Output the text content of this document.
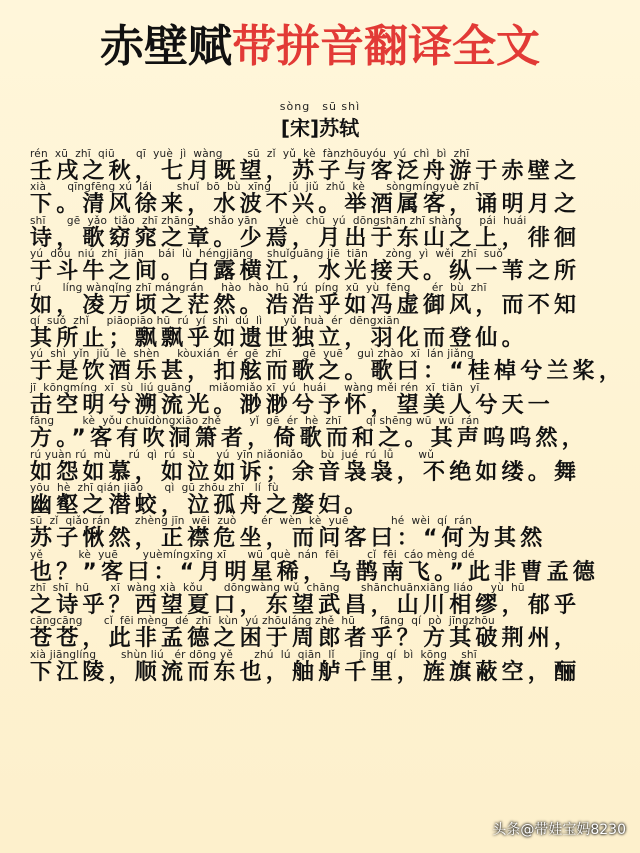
赤壁赋带拼音翻译全文
sòng sū shì
[宋]苏轼
rén  xū  zhī  qiū      qī  yuè  jì  wàng       sū  zǐ  yǔ  kè  fànzhōuyóu  yú  chì  bì  zhī
壬戌之秋，七月既望，苏子与客泛舟游于赤壁之
xià      qīngfēng xú  lái       shuǐ  bō  bù  xīng     jǔ  jiǔ  zhǔ  kè      sòngmíngyuè zhī
下。清风徐来，水波不兴。举酒属客，诵明月之
shī      gē  yǎo  tiǎo  zhī zhāng    shǎo yān      yuè  chū  yú  dōngshān zhī shàng     pái  huái
诗，歌窈窕之章。少焉，月出于东山之上，徘徊
yú  dǒu  niú  zhī  jiān    bái  lù  héngjiāng    shuǐguāng jiē  tiān     zòng  yì  wěi  zhī  suǒ
于斗牛之间。白露横江，水光接天。纵一苇之所
rú      líng wànqǐng zhī mángrán     hào  hào  hū  rú  píng  xū  yù  fēng      ér  bù  zhī
如，凌万顷之茫然。浩浩乎如冯虚御风，而不知
qí  suǒ  zhǐ     piāopiāo hū  rú  yí  shì  dú  lì      yǔ  huà  ér  dēngxiān
其所止；飘飘乎如遗世独立，羽化而登仙。
yú  shì  yǐn  jiǔ  lè  shèn     kòuxián  ér  gē  zhī      gē  yuē    guì zhào  xī  lán jiǎng
于是饮酒乐甚，扣舷而歌之。歌曰：“桂棹兮兰桨，
jī  kōngmíng  xī  sù  liú guāng     miǎomiǎo xī  yú  huái     wàng měi rén  xī  tiān  yī
击空明兮溯流光。渺渺兮予怀，望美人兮天一
fāng        kè  yǒu chuīdòngxiāo zhě        yǐ  gē  ér  hè  zhī       qí shēng wū  wū  rán
方。”客有吹洞箫者，倚歌而和之。其声呜呜然，
rú yuàn rú  mù     rú  qì  rú  sù      yú  yīn niǎoniǎo     bù  jué  rú  lǚ       wǔ
如怨如慕，如泣如诉；余音袅袅，不绝如缕。舞
yōu  hè  zhī qián jiāo      qì  gū zhōu zhī   lí  fù
幽壑之潜蛟，泣孤舟之嫠妇。
sū  zǐ  qiǎo rán       zhèng jīn  wēi  zuò       ér  wèn  kè  yuē            hé  wèi  qí  rán
苏子愀然，正襟危坐，而问客曰：“何为其然
yě          kè  yuē       yuèmíngxīng xī      wū  què  nán  fēi        cǐ  fēi  cáo mèng dé
也？”客曰：“月明星稀，乌鹊南飞。”此非曹孟德
zhī  shī  hū      xī  wàng xià  kǒu      dōngwàng wǔ  chāng      shānchuānxiāng liáo     yù  hū
之诗乎？西望夏口，东望武昌，山川相缪，郁乎
cāngcāng      cǐ  fēi mèng  dé  zhī  kùn  yú zhōuláng zhě  hū       fāng  qí  pò  jīngzhōu
苍苍，此非孟德之困于周郎者乎？方其破荆州，
xià jiānglíng       shùn liú   ér dōng yě      zhú  lú  qiān  lǐ       jīng  qí  bì  kōng    shī
下江陵，顺流而东也，舳舻千里，旌旗蔽空，酾
头条@带娃宝妈8230
